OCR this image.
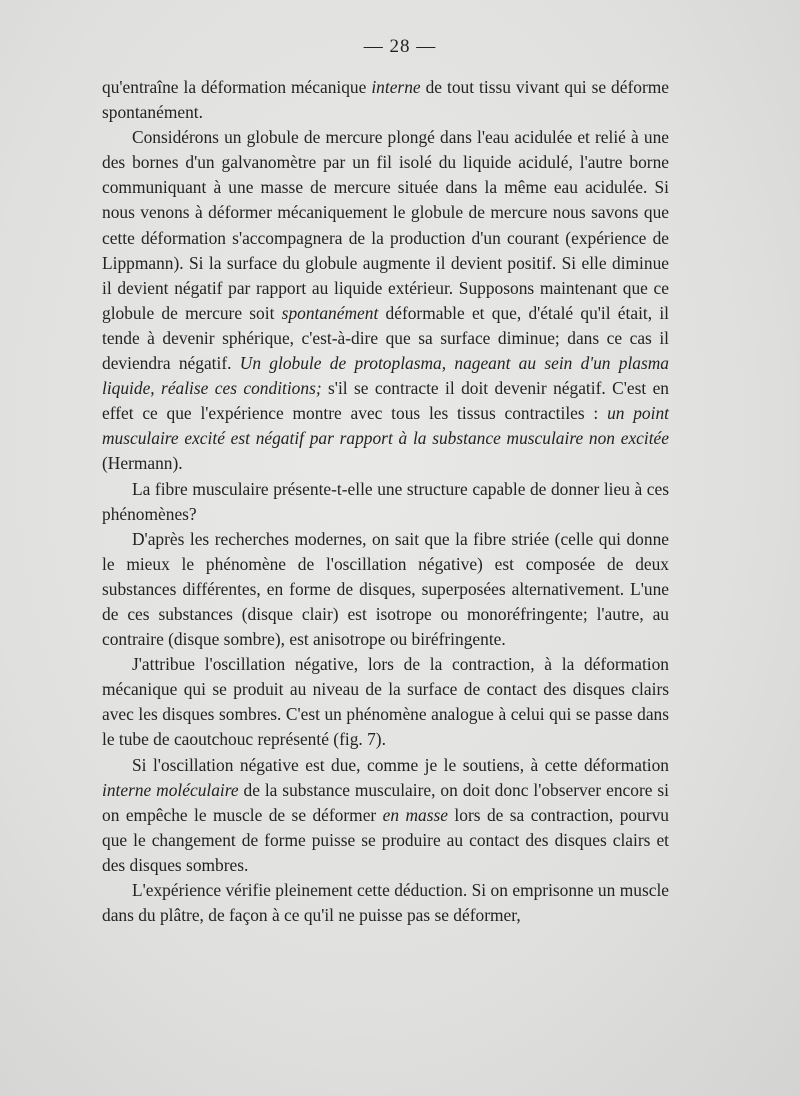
— 28 —

qu'entraîne la déformation mécanique interne de tout tissu vivant qui se déforme spontanément.

Considérons un globule de mercure plongé dans l'eau acidulée et relié à une des bornes d'un galvanomètre par un fil isolé du liquide acidulé, l'autre borne communiquant à une masse de mercure située dans la même eau acidulée. Si nous venons à déformer mécaniquement le globule de mercure nous savons que cette déformation s'accompagnera de la production d'un courant (expérience de Lippmann). Si la surface du globule augmente il devient positif. Si elle diminue il devient négatif par rapport au liquide extérieur. Supposons maintenant que ce globule de mercure soit spontanément déformable et que, d'étalé qu'il était, il tende à devenir sphérique, c'est-à-dire que sa surface diminue; dans ce cas il deviendra négatif. Un globule de protoplasma, nageant au sein d'un plasma liquide, réalise ces conditions; s'il se contracte il doit devenir négatif. C'est en effet ce que l'expérience montre avec tous les tissus contractiles : un point musculaire excité est négatif par rapport à la substance musculaire non excitée (Hermann).

La fibre musculaire présente-t-elle une structure capable de donner lieu à ces phénomènes?

D'après les recherches modernes, on sait que la fibre striée (celle qui donne le mieux le phénomène de l'oscillation négative) est composée de deux substances différentes, en forme de disques, superposées alternativement. L'une de ces substances (disque clair) est isotrope ou monoréfringente; l'autre, au contraire (disque sombre), est anisotrope ou biréfringente.

J'attribue l'oscillation négative, lors de la contraction, à la déformation mécanique qui se produit au niveau de la surface de contact des disques clairs avec les disques sombres. C'est un phénomène analogue à celui qui se passe dans le tube de caoutchouc représenté (fig. 7).

Si l'oscillation négative est due, comme je le soutiens, à cette déformation interne moléculaire de la substance musculaire, on doit donc l'observer encore si on empêche le muscle de se déformer en masse lors de sa contraction, pourvu que le changement de forme puisse se produire au contact des disques clairs et des disques sombres.

L'expérience vérifie pleinement cette déduction. Si on emprisonne un muscle dans du plâtre, de façon à ce qu'il ne puisse pas se déformer,
